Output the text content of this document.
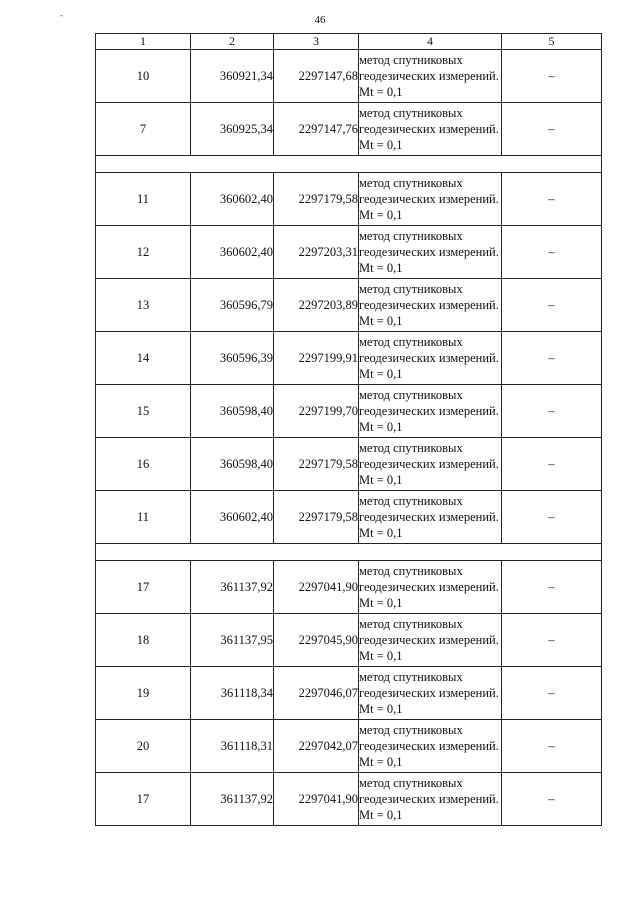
-	46
1	2	3	4	5
10	360921,34	2297147,68	метод спутниковых геодезических измерений. Mt = 0,1	–
7	360925,34	2297147,76	метод спутниковых геодезических измерений. Mt = 0,1	–

11	360602,40	2297179,58	метод спутниковых геодезических измерений. Mt = 0,1	–
12	360602,40	2297203,31	метод спутниковых геодезических измерений. Mt = 0,1	–
13	360596,79	2297203,89	метод спутниковых геодезических измерений. Mt = 0,1	–
14	360596,39	2297199,91	метод спутниковых геодезических измерений. Mt = 0,1	–
15	360598,40	2297199,70	метод спутниковых геодезических измерений. Mt = 0,1	–
16	360598,40	2297179,58	метод спутниковых геодезических измерений. Mt = 0,1	–
11	360602,40	2297179,58	метод спутниковых геодезических измерений. Mt = 0,1	–

17	361137,92	2297041,90	метод спутниковых геодезических измерений. Mt = 0,1	–
18	361137,95	2297045,90	метод спутниковых геодезических измерений. Mt = 0,1	–
19	361118,34	2297046,07	метод спутниковых геодезических измерений. Mt = 0,1	–
20	361118,31	2297042,07	метод спутниковых геодезических измерений. Mt = 0,1	–
17	361137,92	2297041,90	метод спутниковых геодезических измерений. Mt = 0,1	–
